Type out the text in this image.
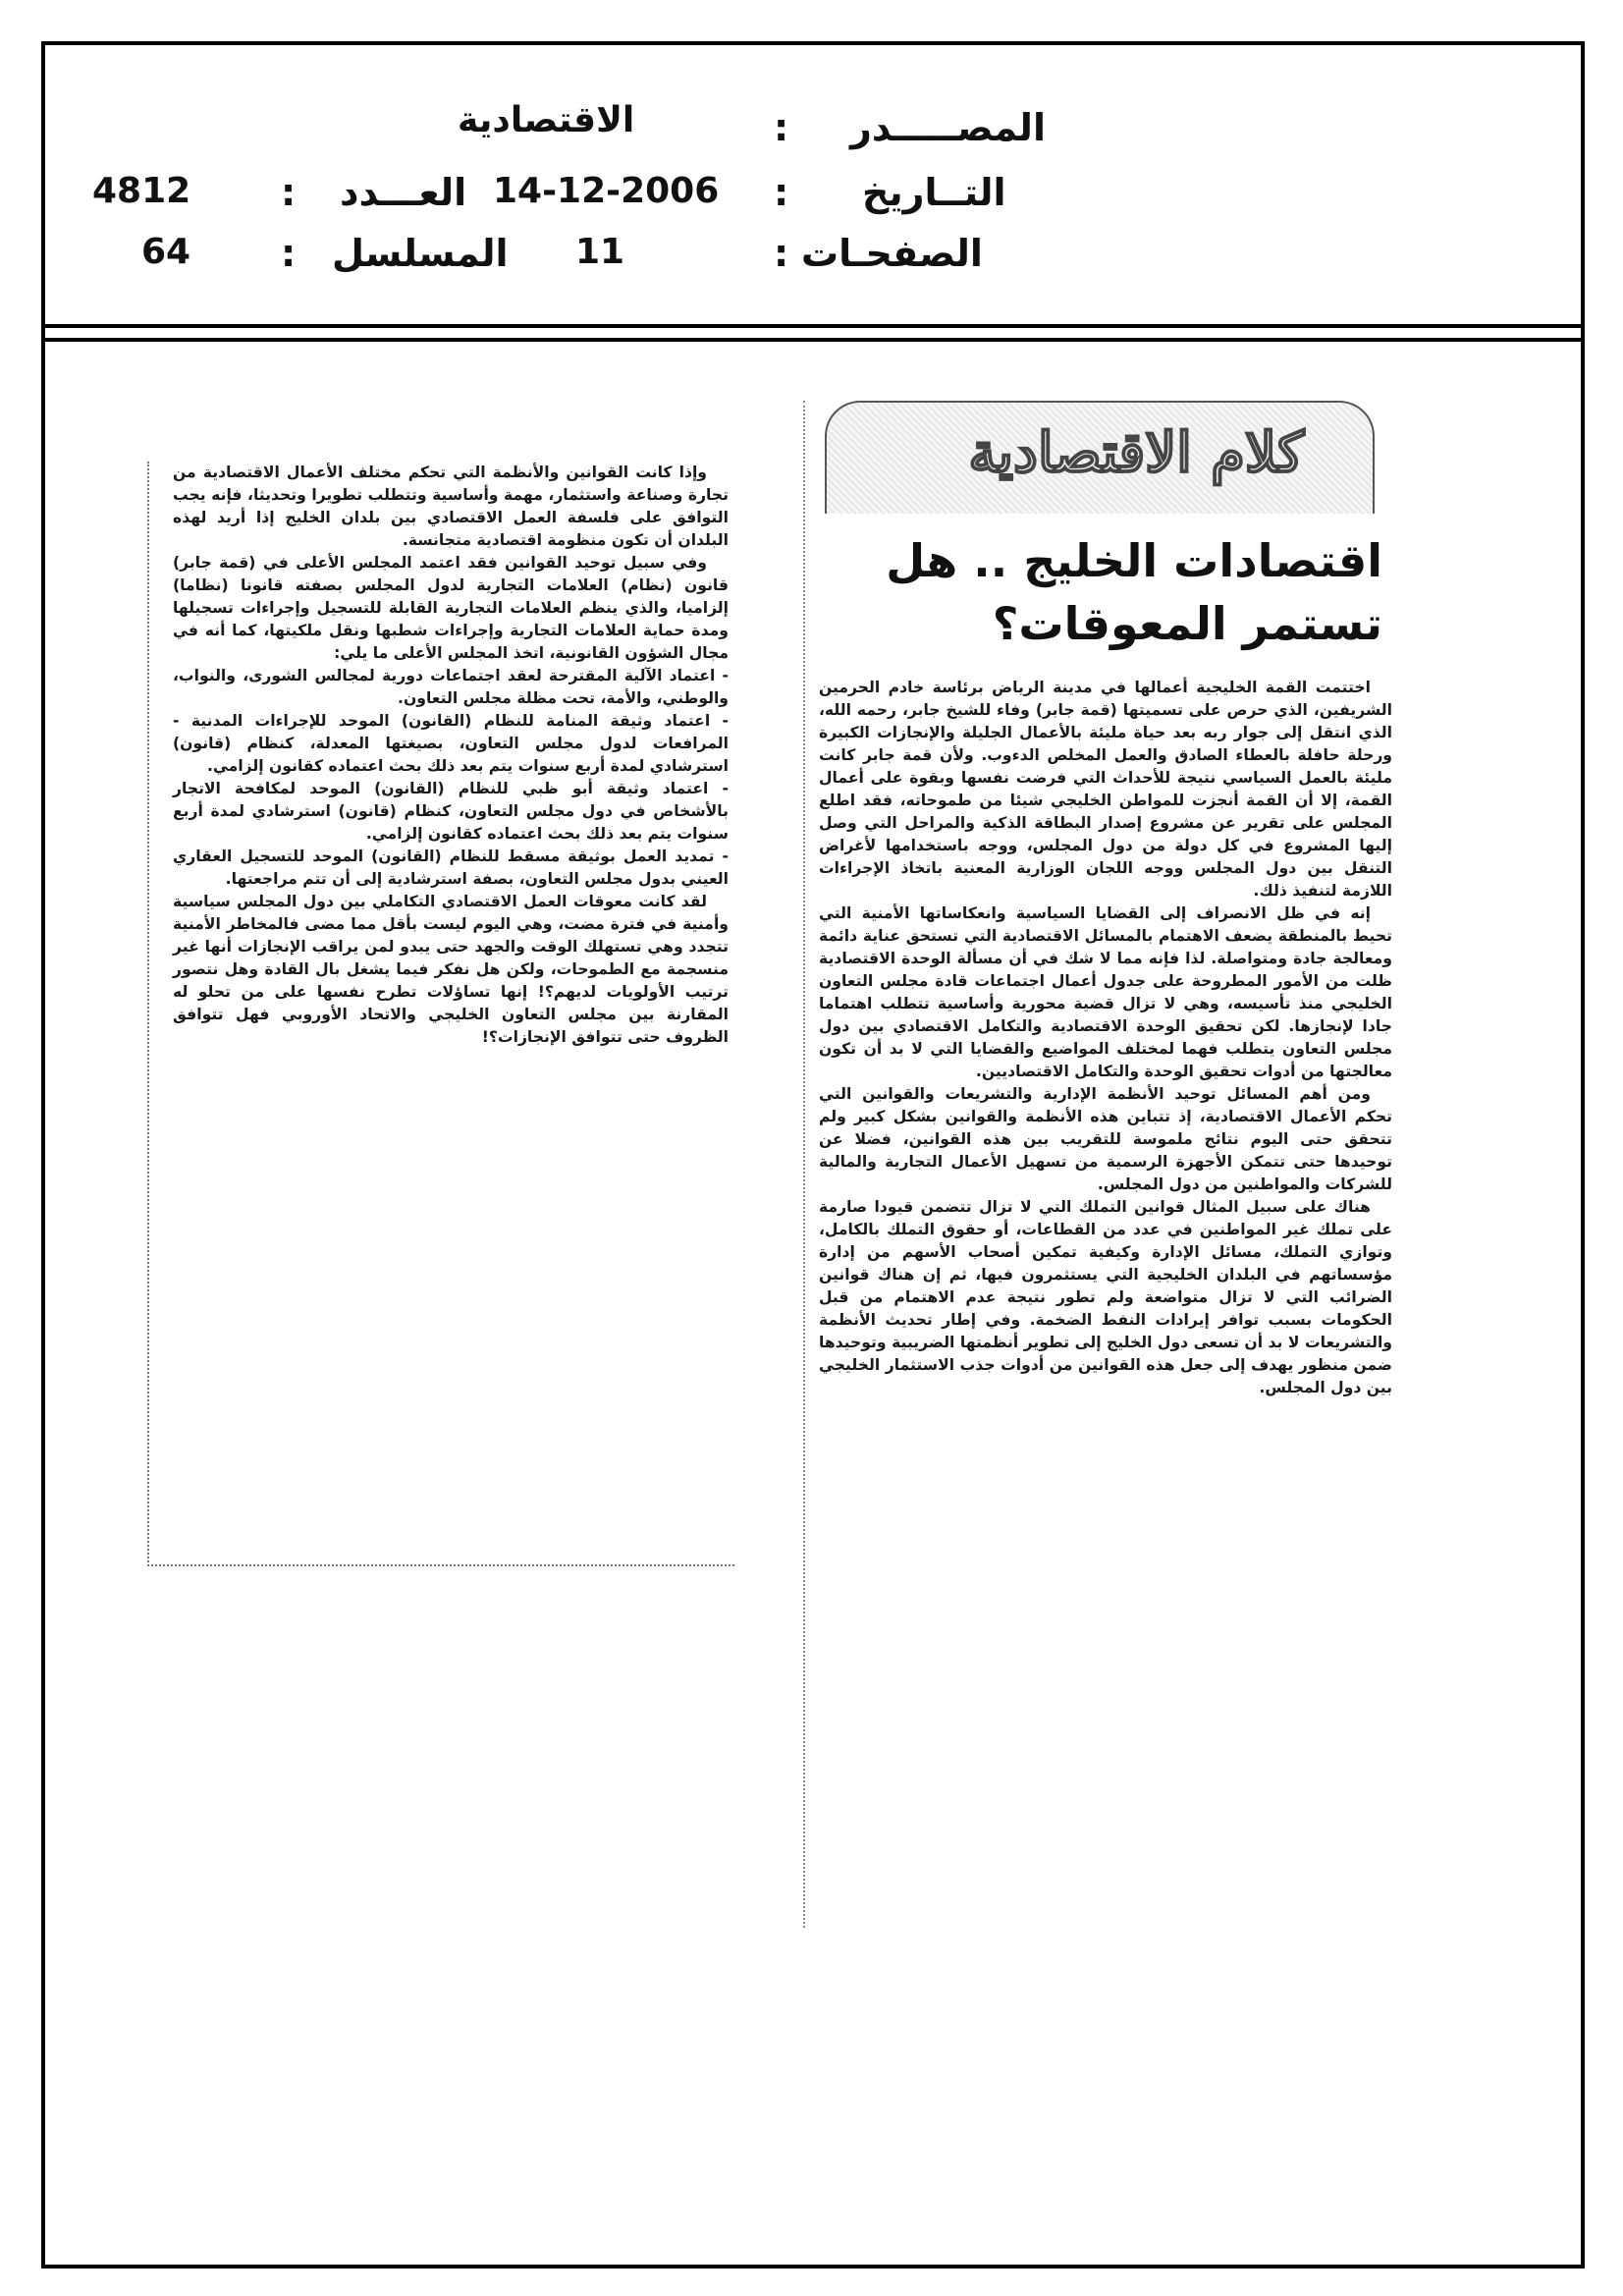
المصـــــدر
:
الاقتصادية
التــاريخ
:
14-12-2006
العـــدد
:
4812
الصفحـات
:
11
المسلسل
:
64
كلام الاقتصادية
اقتصادات الخليج .. هل تستمر المعوقات؟

اختتمت القمة الخليجية أعمالها في مدينة الرياض برئاسة خادم الحرمين الشريفين، الذي حرص على تسميتها (قمة جابر) وفاء للشيخ جابر، رحمه الله، الذي انتقل إلى جوار ربه بعد حياة مليئة بالأعمال الجليلة والإنجازات الكبيرة ورحلة حافلة بالعطاء الصادق والعمل المخلص الدءوب. ولأن قمة جابر كانت مليئة بالعمل السياسي نتيجة للأحداث التي فرضت نفسها وبقوة على أعمال القمة، إلا أن القمة أنجزت للمواطن الخليجي شيئا من طموحاته، فقد اطلع المجلس على تقرير عن مشروع إصدار البطاقة الذكية والمراحل التي وصل إليها المشروع في كل دولة من دول المجلس، ووجه باستخدامها لأغراض التنقل بين دول المجلس ووجه اللجان الوزارية المعنية باتخاذ الإجراءات اللازمة لتنفيذ ذلك.

إنه في ظل الانصراف إلى القضايا السياسية وانعكاساتها الأمنية التي تحيط بالمنطقة يضعف الاهتمام بالمسائل الاقتصادية التي تستحق عناية دائمة ومعالجة جادة ومتواصلة. لذا فإنه مما لا شك في أن مسألة الوحدة الاقتصادية ظلت من الأمور المطروحة على جدول أعمال اجتماعات قادة مجلس التعاون الخليجي منذ تأسيسه، وهي لا تزال قضية محورية وأساسية تتطلب اهتماما جادا لإنجازها. لكن تحقيق الوحدة الاقتصادية والتكامل الاقتصادي بين دول مجلس التعاون يتطلب فهما لمختلف المواضيع والقضايا التي لا بد أن تكون معالجتها من أدوات تحقيق الوحدة والتكامل الاقتصاديين.

ومن أهم المسائل توحيد الأنظمة الإدارية والتشريعات والقوانين التي تحكم الأعمال الاقتصادية، إذ تتباين هذه الأنظمة والقوانين بشكل كبير ولم تتحقق حتى اليوم نتائج ملموسة للتقريب بين هذه القوانين، فضلا عن توحيدها حتى تتمكن الأجهزة الرسمية من تسهيل الأعمال التجارية والمالية للشركات والمواطنين من دول المجلس.

هناك على سبيل المثال قوانين التملك التي لا تزال تتضمن قيودا صارمة على تملك غير المواطنين في عدد من القطاعات، أو حقوق التملك بالكامل، وتوازي التملك، مسائل الإدارة وكيفية تمكين أصحاب الأسهم من إدارة مؤسساتهم في البلدان الخليجية التي يستثمرون فيها، ثم إن هناك قوانين الضرائب التي لا تزال متواضعة ولم تطور نتيجة عدم الاهتمام من قبل الحكومات بسبب توافر إيرادات النفط الضخمة. وفي إطار تحديث الأنظمة والتشريعات لا بد أن تسعى دول الخليج إلى تطوير أنظمتها الضريبية وتوحيدها ضمن منظور يهدف إلى جعل هذه القوانين من أدوات جذب الاستثمار الخليجي بين دول المجلس.

وإذا كانت القوانين والأنظمة التي تحكم مختلف الأعمال الاقتصادية من تجارة وصناعة واستثمار، مهمة وأساسية وتتطلب تطويرا وتحديثا، فإنه يجب التوافق على فلسفة العمل الاقتصادي بين بلدان الخليج إذا أريد لهذه البلدان أن تكون منظومة اقتصادية متجانسة.

وفي سبيل توحيد القوانين فقد اعتمد المجلس الأعلى في (قمة جابر) قانون (نظام) العلامات التجارية لدول المجلس بصفته قانونا (نظاما) إلزاميا، والذي ينظم العلامات التجارية القابلة للتسجيل وإجراءات تسجيلها ومدة حماية العلامات التجارية وإجراءات شطبها ونقل ملكيتها، كما أنه في مجال الشؤون القانونية، اتخذ المجلس الأعلى ما يلي:

- اعتماد الآلية المقترحة لعقد اجتماعات دورية لمجالس الشورى، والنواب، والوطني، والأمة، تحت مظلة مجلس التعاون.

- اعتماد وثيقة المنامة للنظام (القانون) الموحد للإجراءات المدنية - المرافعات لدول مجلس التعاون، بصيغتها المعدلة، كنظام (قانون) استرشادي لمدة أربع سنوات يتم بعد ذلك بحث اعتماده كقانون إلزامي.

- اعتماد وثيقة أبو ظبي للنظام (القانون) الموحد لمكافحة الاتجار بالأشخاص في دول مجلس التعاون، كنظام (قانون) استرشادي لمدة أربع سنوات يتم بعد ذلك بحث اعتماده كقانون إلزامي.

- تمديد العمل بوثيقة مسقط للنظام (القانون) الموحد للتسجيل العقاري العيني بدول مجلس التعاون، بصفة استرشادية إلى أن تتم مراجعتها.

لقد كانت معوقات العمل الاقتصادي التكاملي بين دول المجلس سياسية وأمنية في فترة مضت، وهي اليوم ليست بأقل مما مضى فالمخاطر الأمنية تتجدد وهي تستهلك الوقت والجهد حتى يبدو لمن يراقب الإنجازات أنها غير منسجمة مع الطموحات، ولكن هل نفكر فيما يشغل بال القادة وهل نتصور ترتيب الأولويات لديهم؟! إنها تساؤلات تطرح نفسها على من تحلو له المقارنة بين مجلس التعاون الخليجي والاتحاد الأوروبي فهل تتوافق الظروف حتى تتوافق الإنجازات؟!
